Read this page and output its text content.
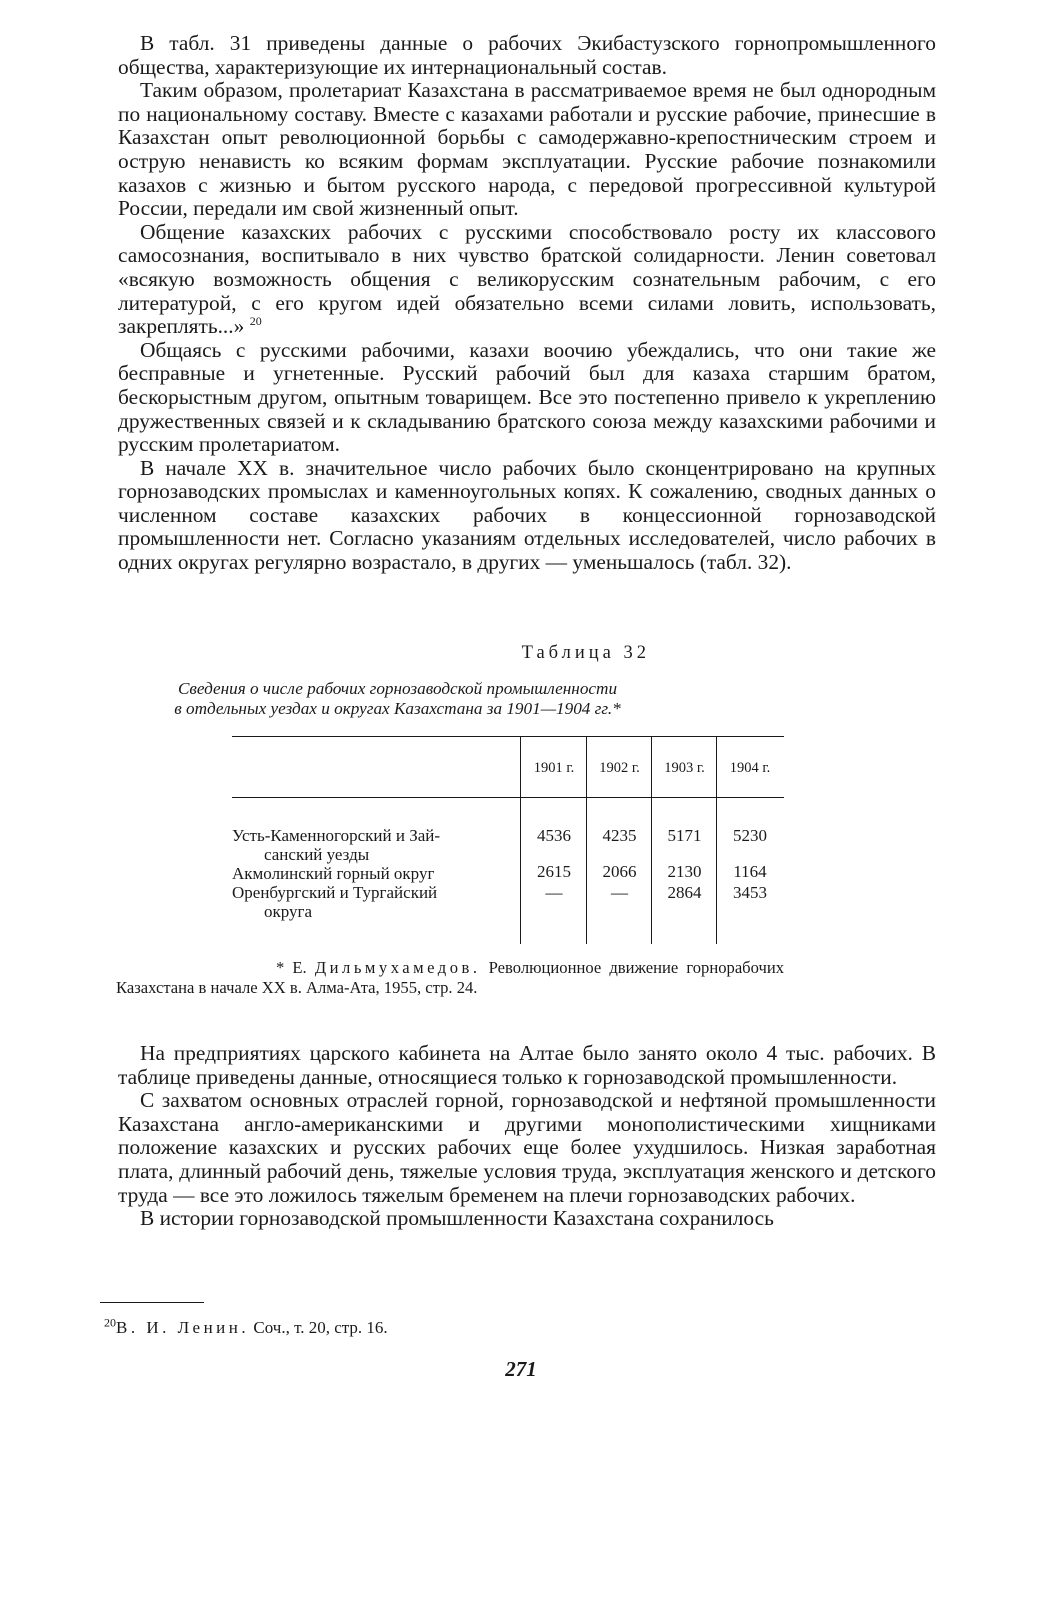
В табл. 31 приведены данные о рабочих Экибастузского горнопромышленного общества, характеризующие их интернациональный состав.

Таким образом, пролетариат Казахстана в рассматриваемое время не был однородным по национальному составу. Вместе с казахами работали и русские рабочие, принесшие в Казахстан опыт революционной борьбы с самодержавно-крепостническим строем и острую ненависть ко всяким формам эксплуатации. Русские рабочие познакомили казахов с жизнью и бытом русского народа, с передовой прогрессивной культурой России, передали им свой жизненный опыт.

Общение казахских рабочих с русскими способствовало росту их классового самосознания, воспитывало в них чувство братской солидарности. Ленин советовал «всякую возможность общения с великорусским сознательным рабочим, с его литературой, с его кругом идей обязательно всеми силами ловить, использовать, закреплять...» $^{20}$

Общаясь с русскими рабочими, казахи воочию убеждались, что они такие же бесправные и угнетенные. Русский рабочий был для казаха старшим братом, бескорыстным другом, опытным товарищем. Все это постепенно привело к укреплению дружественных связей и к складыванию братского союза между казахскими рабочими и русским пролетариатом.

В начале XX в. значительное число рабочих было сконцентрировано на крупных горнозаводских промыслах и каменноугольных копях. К сожалению, сводных данных о численном составе казахских рабочих в концессионной горнозаводской промышленности нет. Согласно указаниям отдельных исследователей, число рабочих в одних округах регулярно возрастало, в других — уменьшалось (табл. 32).

Таблица 32
Сведения о числе рабочих горнозаводской промышленности
в отдельных уездах и округах Казахстана за 1901—1904 гг.*
1901 г.	1902 г.	1903 г.	1904 г.
Усть-Каменногорский и Зай-
санский уезды
4536	4235	5171	5230
Акмолинский горный округ	2615	2066	2130	1164
Оренбургский и Тургайский
округа
—	—	2864	3453
* Е. Дильмухамедов. Революционное движение горнорабочих Казахстана в начале XX в. Алма-Ата, 1955, стр. 24.

На предприятиях царского кабинета на Алтае было занято около 4 тыс. рабочих. В таблице приведены данные, относящиеся только к горнозаводской промышленности.

С захватом основных отраслей горной, горнозаводской и нефтяной промышленности Казахстана англо-американскими и другими монополистическими хищниками положение казахских и русских рабочих еще более ухудшилось. Низкая заработная плата, длинный рабочий день, тяжелые условия труда, эксплуатация женского и детского труда — все это ложилось тяжелым бременем на плечи горнозаводских рабочих.

В истории горнозаводской промышленности Казахстана сохранилось

$^{20}$В. И. Ленин. Соч., т. 20, стр. 16.
271
